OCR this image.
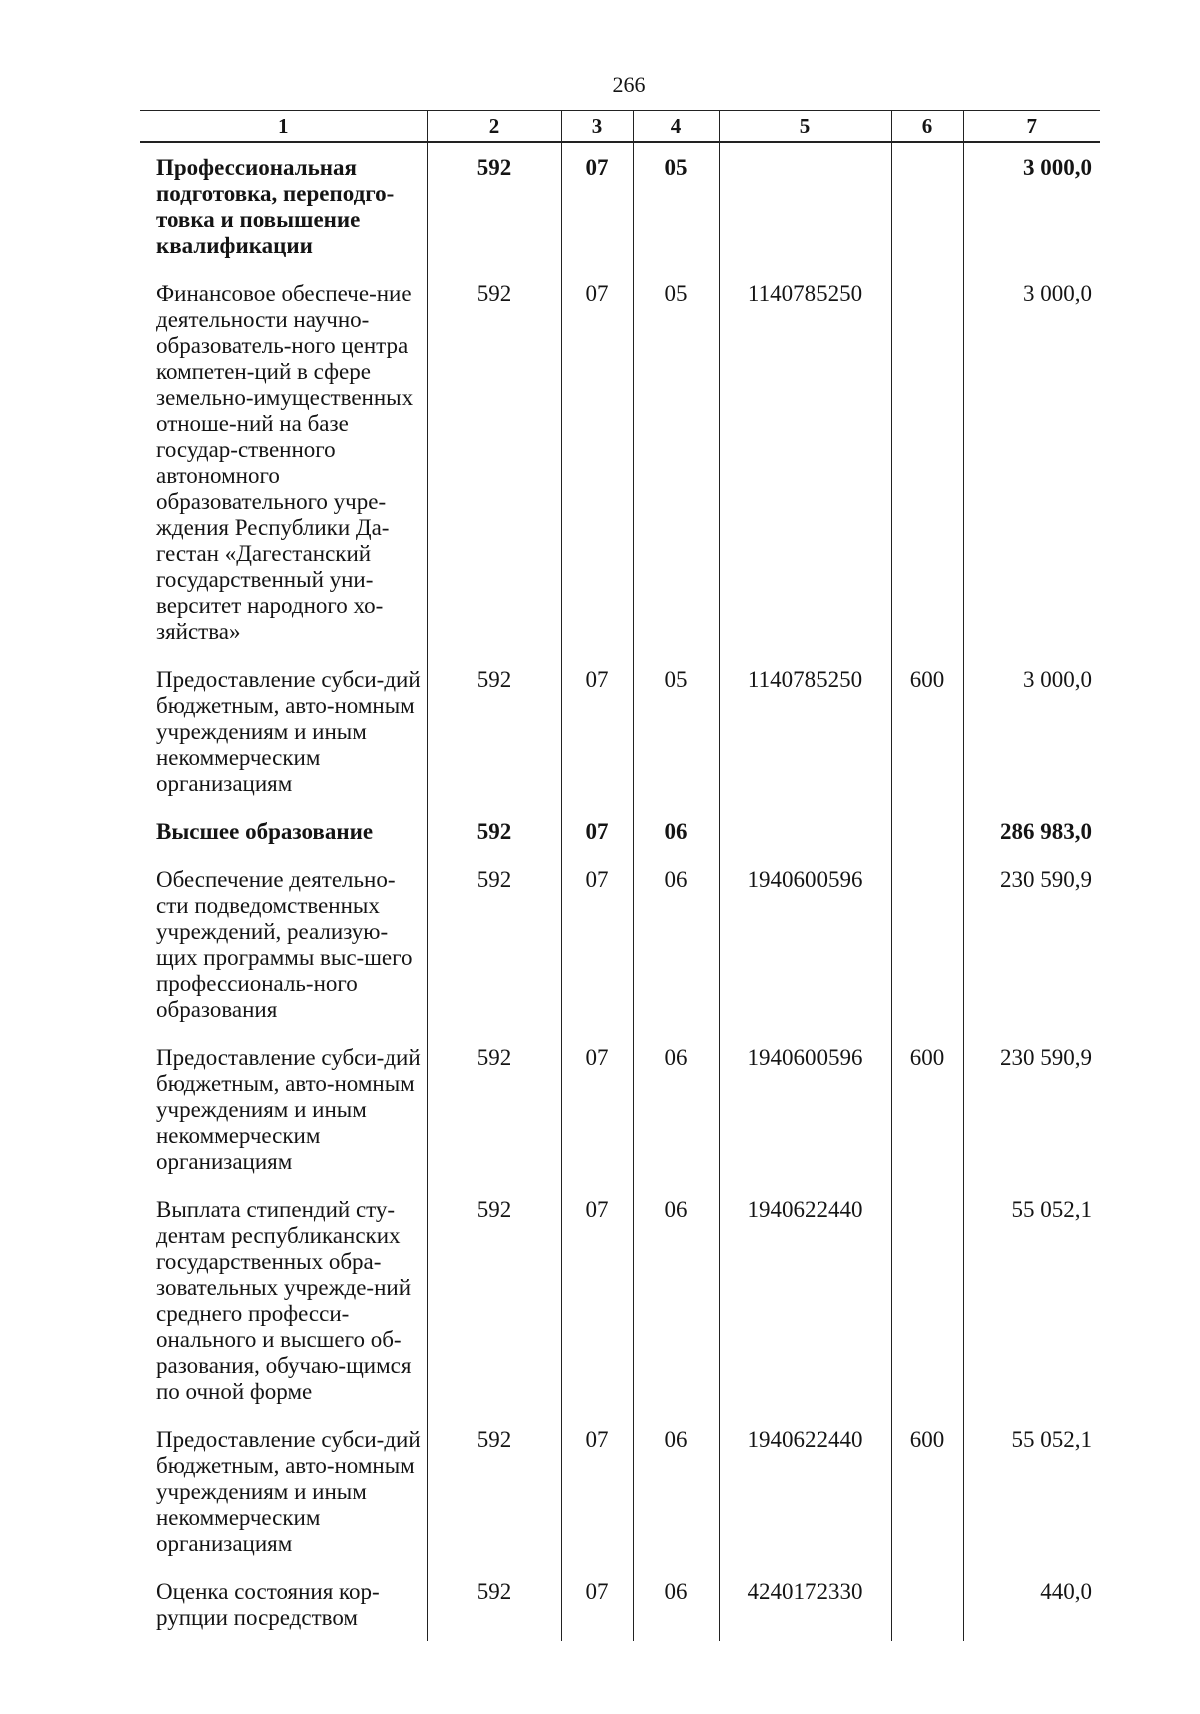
266
1	2	3	4	5	6	7
Профессиональная подготовка, переподго-товка и повышение квалификации	592	07	05			3 000,0
Финансовое обеспече-ние деятельности научно-образователь-ного центра компетен-ций в сфере земельно-имущественных отноше-ний на базе государ-ственного автономного образовательного учре-ждения Республики Да-гестан «Дагестанский государственный уни-верситет народного хо-зяйства»	592	07	05	1140785250		3 000,0
Предоставление субси-дий бюджетным, авто-номным учреждениям и иным некоммерческим организациям	592	07	05	1140785250	600	3 000,0
Высшее образование	592	07	06			286 983,0
Обеспечение деятельно-сти подведомственных учреждений, реализую-щих программы выс-шего профессиональ-ного образования	592	07	06	1940600596		230 590,9
Предоставление субси-дий бюджетным, авто-номным учреждениям и иным некоммерческим организациям	592	07	06	1940600596	600	230 590,9
Выплата стипендий сту-дентам республиканских государственных обра-зовательных учрежде-ний среднего професси-онального и высшего об-разования, обучаю-щимся по очной форме	592	07	06	1940622440		55 052,1
Предоставление субси-дий бюджетным, авто-номным учреждениям и иным некоммерческим организациям	592	07	06	1940622440	600	55 052,1
Оценка состояния кор-рупции посредством	592	07	06	4240172330		440,0
